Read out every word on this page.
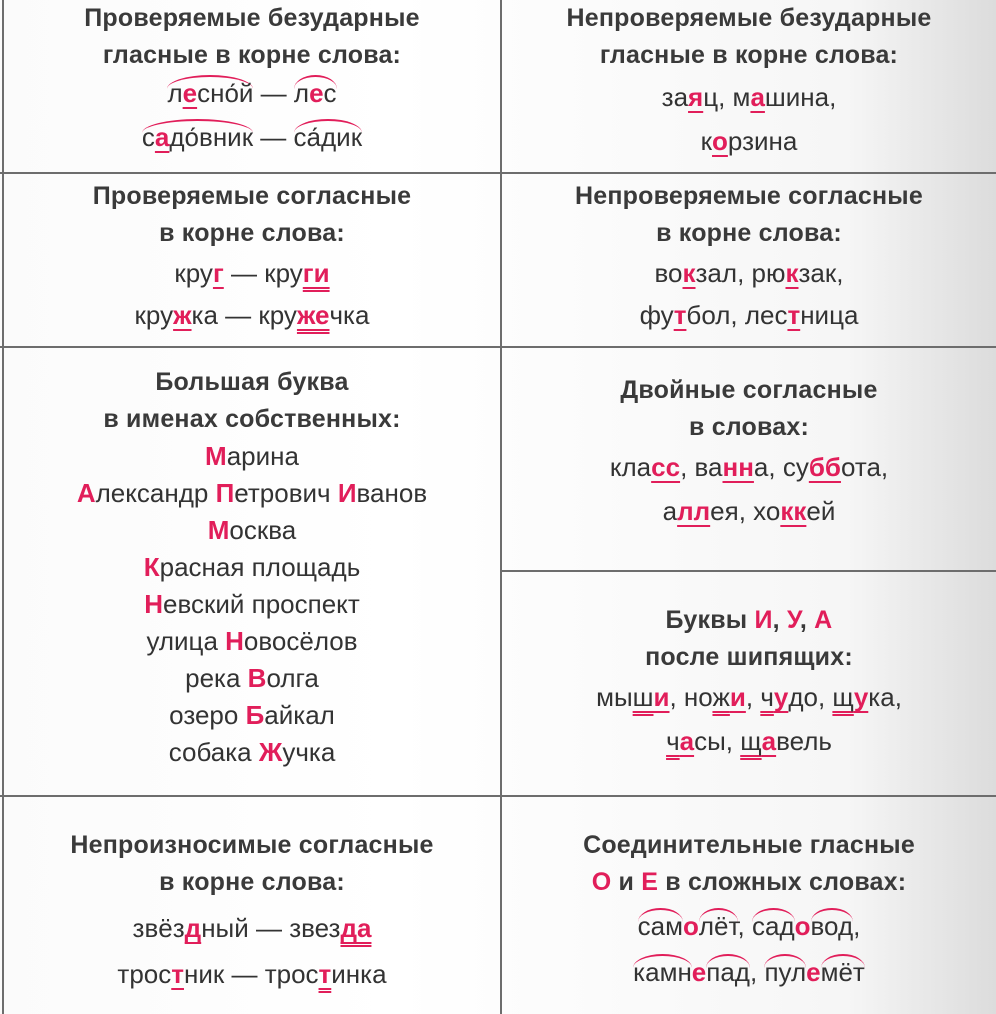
Проверяемые безударные
гласные в корне слова:
лесно́й — лес
садо́вник — са́дик
Непроверяемые безударные
гласные в корне слова:
заяц, машина,
корзина
Проверяемые согласные
в корне слова:
круг — круги
кружка — кружечка
Непроверяемые согласные
в корне слова:
вокзал, рюкзак,
футбол, лестница
Большая буква
в именах собственных:
Марина
Александр Петрович Иванов
Москва
Красная площадь
Невский проспект
улица Новосёлов
река Волга
озеро Байкал
собака Жучка
Двойные согласные
в словах:
класс, ванна, суббота,
аллея, хоккей
Буквы И, У, А
после шипящих:
мыши, ножи, чудо, щука,
часы, щавель
Непроизносимые согласные
в корне слова:
звёздный — звезда
тростник — тростинка
Соединительные гласные
О и Е в сложных словах:
самолёт, садовод,
камнепад, пулемёт
